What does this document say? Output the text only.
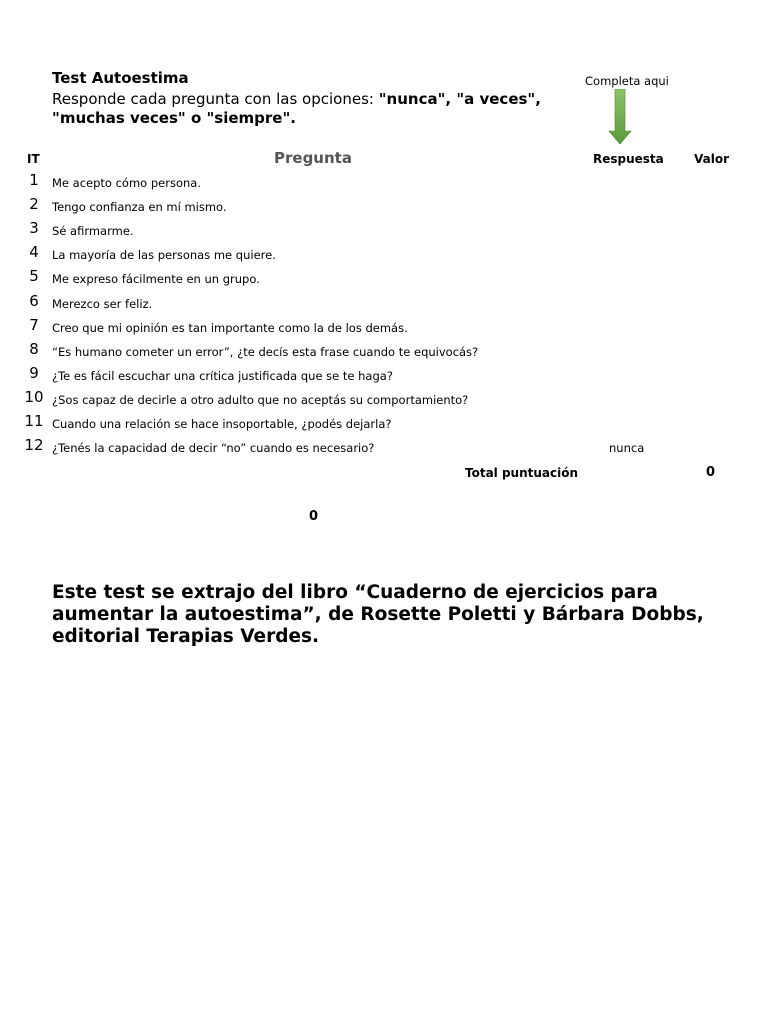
Test Autoestima
Responde cada pregunta con las opciones: "nunca", "a veces", "muchas veces" o "siempre".
Completa aqui
IT	Pregunta	Respuesta	Valor
1	Me acepto cómo persona.
2	Tengo confianza en mí mismo.
3	Sé afirmarme.
4	La mayoría de las personas me quiere.
5	Me expreso fácilmente en un grupo.
6	Merezco ser feliz.
7	Creo que mi opinión es tan importante como la de los demás.
8	“Es humano cometer un error”, ¿te decís esta frase cuando te equivocás?
9	¿Te es fácil escuchar una crítica justificada que se te haga?
10 ¿Sos capaz de decirle a otro adulto que no aceptás su comportamiento?
11 Cuando una relación se hace insoportable, ¿podés dejarla?
12 ¿Tenés la capacidad de decir “no” cuando es necesario?	nunca
Total puntuación	0
0
Este test se extrajo del libro “Cuaderno de ejercicios para aumentar la autoestima”, de Rosette Poletti y Bárbara Dobbs, editorial Terapias Verdes.
